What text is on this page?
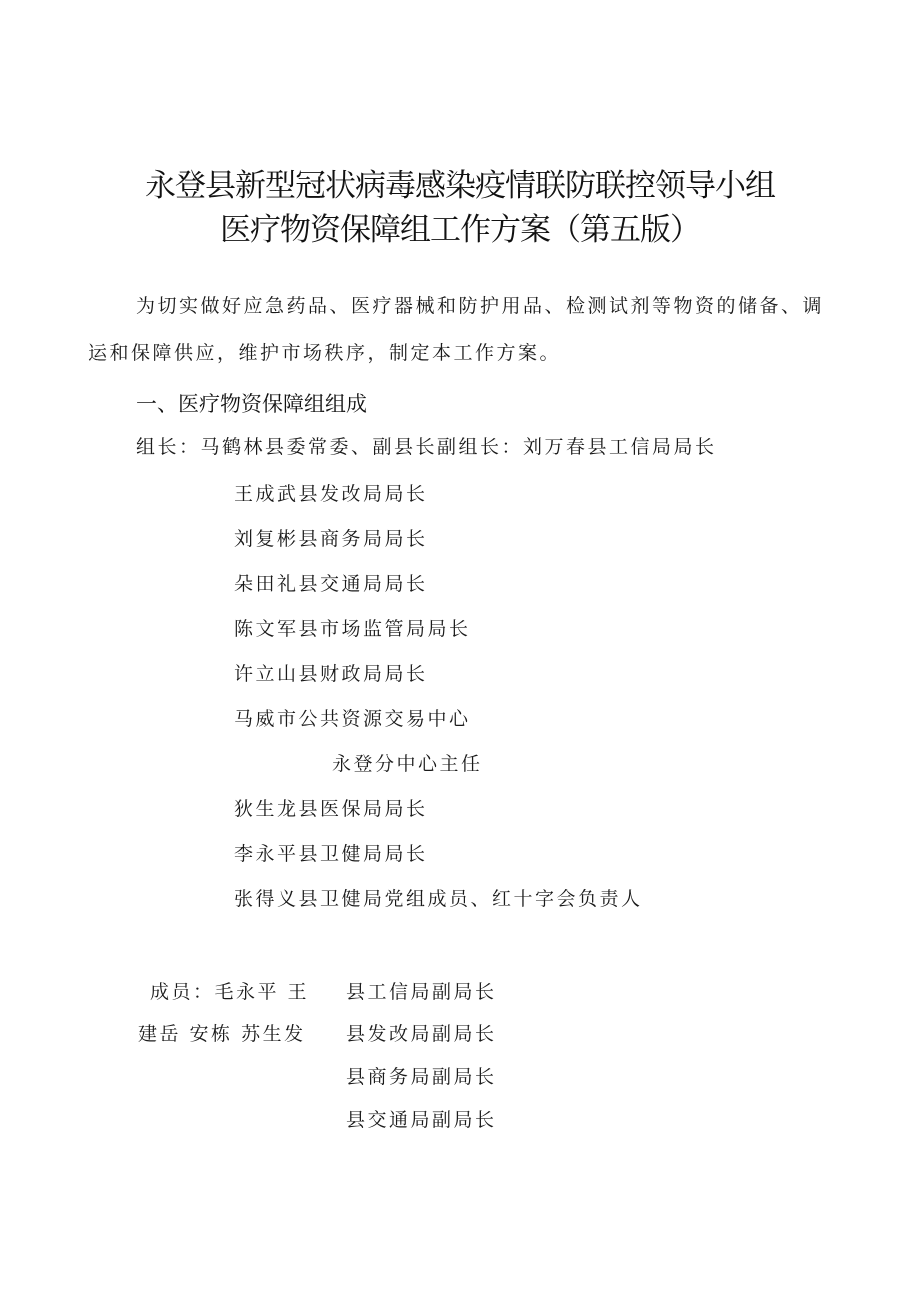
永登县新型冠状病毒感染疫情联防联控领导小组
医疗物资保障组工作方案（第五版）
为切实做好应急药品、医疗器械和防护用品、检测试剂等物资的储备、调运和保障供应，维护市场秩序，制定本工作方案。
一、医疗物资保障组组成
组长：马鹤林县委常委、副县长副组长：刘万春县工信局局长
王成武县发改局局长
刘复彬县商务局局长
朵田礼县交通局局长
陈文军县市场监管局局长
许立山县财政局局长
马威市公共资源交易中心
永登分中心主任
狄生龙县医保局局长
李永平县卫健局局长
张得义县卫健局党组成员、红十字会负责人
成员：毛永平 王
建岳 安栋 苏生发
县工信局副局长
县发改局副局长
县商务局副局长
县交通局副局长
